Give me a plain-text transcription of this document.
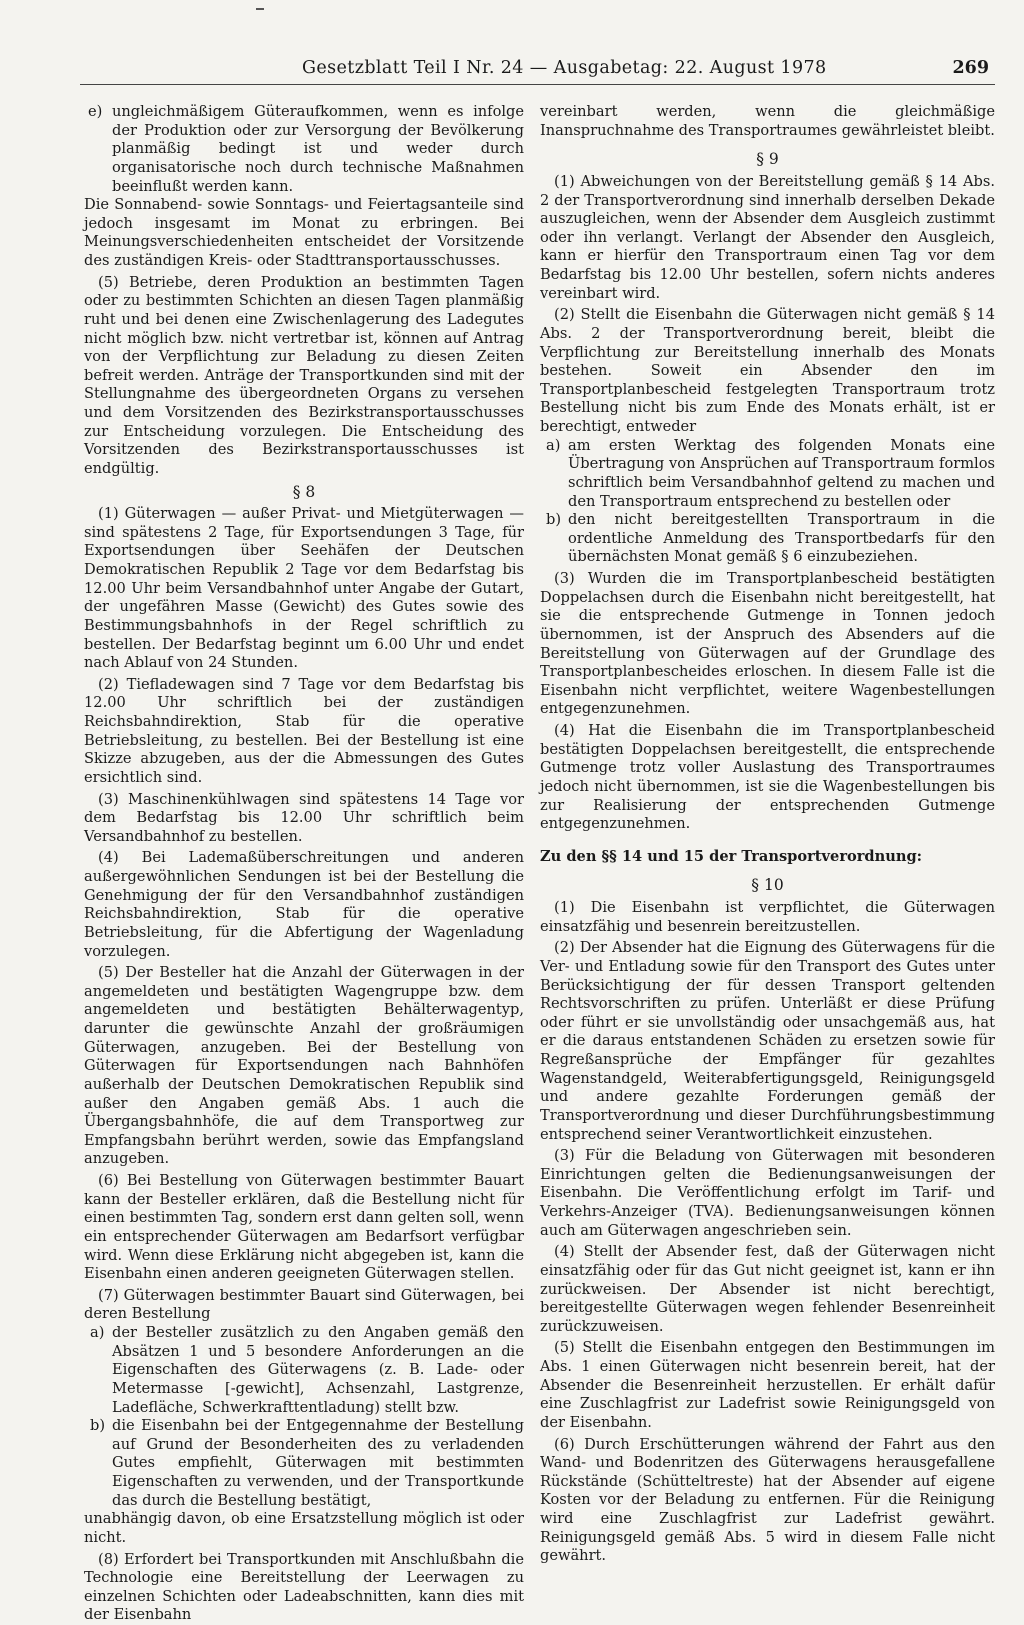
Gesetzblatt Teil I Nr. 24 — Ausgabetag: 22. August 1978	269
e) ungleichmäßigem Güteraufkommen, wenn es infolge der Produktion oder zur Versorgung der Bevölkerung planmäßig bedingt ist und weder durch organisatorische noch durch technische Maßnahmen beeinflußt werden kann.

Die Sonnabend- sowie Sonntags- und Feiertagsanteile sind jedoch insgesamt im Monat zu erbringen. Bei Meinungsverschiedenheiten entscheidet der Vorsitzende des zuständigen Kreis- oder Stadttransportausschusses.

(5) Betriebe, deren Produktion an bestimmten Tagen oder zu bestimmten Schichten an diesen Tagen planmäßig ruht und bei denen eine Zwischenlagerung des Ladegutes nicht möglich bzw. nicht vertretbar ist, können auf Antrag von der Verpflichtung zur Beladung zu diesen Zeiten befreit werden. Anträge der Transportkunden sind mit der Stellungnahme des übergeordneten Organs zu versehen und dem Vorsitzenden des Bezirkstransportausschusses zur Entscheidung vorzulegen. Die Entscheidung des Vorsitzenden des Bezirkstransportausschusses ist endgültig.

§ 8

(1) Güterwagen — außer Privat- und Mietgüterwagen — sind spätestens 2 Tage, für Exportsendungen 3 Tage, für Exportsendungen über Seehäfen der Deutschen Demokratischen Republik 2 Tage vor dem Bedarfstag bis 12.00 Uhr beim Versandbahnhof unter Angabe der Gutart, der ungefähren Masse (Gewicht) des Gutes sowie des Bestimmungsbahnhofs in der Regel schriftlich zu bestellen. Der Bedarfstag beginnt um 6.00 Uhr und endet nach Ablauf von 24 Stunden.

(2) Tiefladewagen sind 7 Tage vor dem Bedarfstag bis 12.00 Uhr schriftlich bei der zuständigen Reichsbahndirektion, Stab für die operative Betriebsleitung, zu bestellen. Bei der Bestellung ist eine Skizze abzugeben, aus der die Abmessungen des Gutes ersichtlich sind.

(3) Maschinenkühlwagen sind spätestens 14 Tage vor dem Bedarfstag bis 12.00 Uhr schriftlich beim Versandbahnhof zu bestellen.

(4) Bei Lademaßüberschreitungen und anderen außergewöhnlichen Sendungen ist bei der Bestellung die Genehmigung der für den Versandbahnhof zuständigen Reichsbahndirektion, Stab für die operative Betriebsleitung, für die Abfertigung der Wagenladung vorzulegen.

(5) Der Besteller hat die Anzahl der Güterwagen in der angemeldeten und bestätigten Wagengruppe bzw. dem angemeldeten und bestätigten Behälterwagentyp, darunter die gewünschte Anzahl der großräumigen Güterwagen, anzugeben. Bei der Bestellung von Güterwagen für Exportsendungen nach Bahnhöfen außerhalb der Deutschen Demokratischen Republik sind außer den Angaben gemäß Abs. 1 auch die Übergangsbahnhöfe, die auf dem Transportweg zur Empfangsbahn berührt werden, sowie das Empfangsland anzugeben.

(6) Bei Bestellung von Güterwagen bestimmter Bauart kann der Besteller erklären, daß die Bestellung nicht für einen bestimmten Tag, sondern erst dann gelten soll, wenn ein entsprechender Güterwagen am Bedarfsort verfügbar wird. Wenn diese Erklärung nicht abgegeben ist, kann die Eisenbahn einen anderen geeigneten Güterwagen stellen.

(7) Güterwagen bestimmter Bauart sind Güterwagen, bei deren Bestellung

a) der Besteller zusätzlich zu den Angaben gemäß den Absätzen 1 und 5 besondere Anforderungen an die Eigenschaften des Güterwagens (z. B. Lade- oder Metermasse [-gewicht], Achsenzahl, Lastgrenze, Ladefläche, Schwerkrafttentladung) stellt bzw.
b) die Eisenbahn bei der Entgegennahme der Bestellung auf Grund der Besonderheiten des zu verladenden Gutes empfiehlt, Güterwagen mit bestimmten Eigenschaften zu verwenden, und der Transportkunde das durch die Bestellung bestätigt,

unabhängig davon, ob eine Ersatzstellung möglich ist oder nicht.

(8) Erfordert bei Transportkunden mit Anschlußbahn die Technologie eine Bereitstellung der Leerwagen zu einzelnen Schichten oder Ladeabschnitten, kann dies mit der Eisenbahn

vereinbart werden, wenn die gleichmäßige Inanspruchnahme des Transportraumes gewährleistet bleibt.

§ 9

(1) Abweichungen von der Bereitstellung gemäß § 14 Abs. 2 der Transportverordnung sind innerhalb derselben Dekade auszugleichen, wenn der Absender dem Ausgleich zustimmt oder ihn verlangt. Verlangt der Absender den Ausgleich, kann er hierfür den Transportraum einen Tag vor dem Bedarfstag bis 12.00 Uhr bestellen, sofern nichts anderes vereinbart wird.

(2) Stellt die Eisenbahn die Güterwagen nicht gemäß § 14 Abs. 2 der Transportverordnung bereit, bleibt die Verpflichtung zur Bereitstellung innerhalb des Monats bestehen. Soweit ein Absender den im Transportplanbescheid festgelegten Transportraum trotz Bestellung nicht bis zum Ende des Monats erhält, ist er berechtigt, entweder

a) am ersten Werktag des folgenden Monats eine Übertragung von Ansprüchen auf Transportraum formlos schriftlich beim Versandbahnhof geltend zu machen und den Transportraum entsprechend zu bestellen oder
b) den nicht bereitgestellten Transportraum in die ordentliche Anmeldung des Transportbedarfs für den übernächsten Monat gemäß § 6 einzubeziehen.

(3) Wurden die im Transportplanbescheid bestätigten Doppelachsen durch die Eisenbahn nicht bereitgestellt, hat sie die entsprechende Gutmenge in Tonnen jedoch übernommen, ist der Anspruch des Absenders auf die Bereitstellung von Güterwagen auf der Grundlage des Transportplanbescheides erloschen. In diesem Falle ist die Eisenbahn nicht verpflichtet, weitere Wagenbestellungen entgegenzunehmen.

(4) Hat die Eisenbahn die im Transportplanbescheid bestätigten Doppelachsen bereitgestellt, die entsprechende Gutmenge trotz voller Auslastung des Transportraumes jedoch nicht übernommen, ist sie die Wagenbestellungen bis zur Realisierung der entsprechenden Gutmenge entgegenzunehmen.

Zu den §§ 14 und 15 der Transportverordnung:
§ 10

(1) Die Eisenbahn ist verpflichtet, die Güterwagen einsatzfähig und besenrein bereitzustellen.

(2) Der Absender hat die Eignung des Güterwagens für die Ver- und Entladung sowie für den Transport des Gutes unter Berücksichtigung der für dessen Transport geltenden Rechtsvorschriften zu prüfen. Unterläßt er diese Prüfung oder führt er sie unvollständig oder unsachgemäß aus, hat er die daraus entstandenen Schäden zu ersetzen sowie für Regreßansprüche der Empfänger für gezahltes Wagenstandgeld, Weiterabfertigungsgeld, Reinigungsgeld und andere gezahlte Forderungen gemäß der Transportverordnung und dieser Durchführungsbestimmung entsprechend seiner Verantwortlichkeit einzustehen.

(3) Für die Beladung von Güterwagen mit besonderen Einrichtungen gelten die Bedienungsanweisungen der Eisenbahn. Die Veröffentlichung erfolgt im Tarif- und Verkehrs-Anzeiger (TVA). Bedienungsanweisungen können auch am Güterwagen angeschrieben sein.

(4) Stellt der Absender fest, daß der Güterwagen nicht einsatzfähig oder für das Gut nicht geeignet ist, kann er ihn zurückweisen. Der Absender ist nicht berechtigt, bereitgestellte Güterwagen wegen fehlender Besenreinheit zurückzuweisen.

(5) Stellt die Eisenbahn entgegen den Bestimmungen im Abs. 1 einen Güterwagen nicht besenrein bereit, hat der Absender die Besenreinheit herzustellen. Er erhält dafür eine Zuschlagfrist zur Ladefrist sowie Reinigungsgeld von der Eisenbahn.

(6) Durch Erschütterungen während der Fahrt aus den Wand- und Bodenritzen des Güterwagens herausgefallene Rückstände (Schütteltreste) hat der Absender auf eigene Kosten vor der Beladung zu entfernen. Für die Reinigung wird eine Zuschlagfrist zur Ladefrist gewährt. Reinigungsgeld gemäß Abs. 5 wird in diesem Falle nicht gewährt.
